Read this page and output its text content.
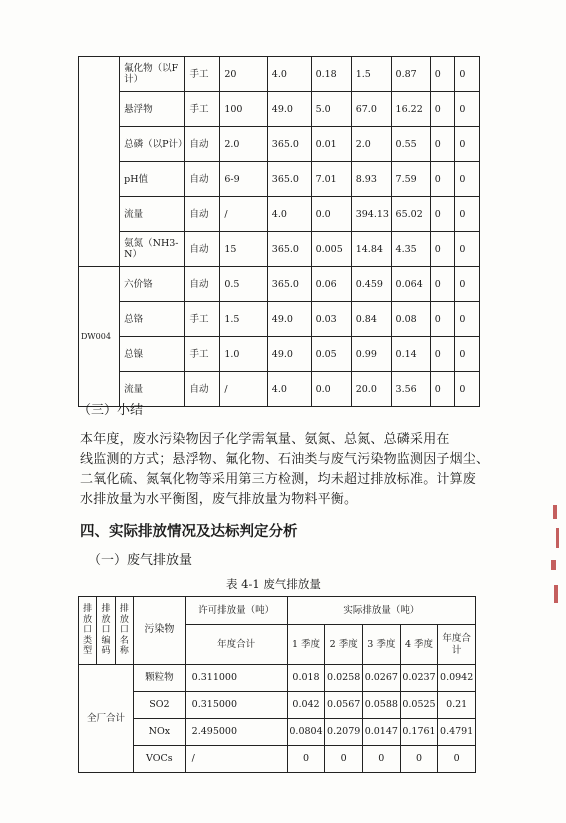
	氟化物（以F计）	手工	20	4.0	0.18	1.5	0.87	0	0
	悬浮物	手工	100	49.0	5.0	67.0	16.22	0	0
	总磷（以P计）	自动	2.0	365.0	0.01	2.0	0.55	0	0
	pH值	自动	6-9	365.0	7.01	8.93	7.59	0	0
	流量	自动	/	4.0	0.0	394.13	65.02	0	0
	氨氮（NH3-N）	自动	15	365.0	0.005	14.84	4.35	0	0
DW004	六价铬	自动	0.5	365.0	0.06	0.459	0.064	0	0
	总铬	手工	1.5	49.0	0.03	0.84	0.08	0	0
	总镍	手工	1.0	49.0	0.05	0.99	0.14	0	0
	流量	自动	/	4.0	0.0	20.0	3.56	0	0
（三）小结
本年度，废水污染物因子化学需氧量、氨氮、总氮、总磷采用在
线监测的方式；悬浮物、氟化物、石油类与废气污染物监测因子烟尘、
二氧化硫、氮氧化物等采用第三方检测，均未超过排放标准。计算废
水排放量为水平衡图，废气排放量为物料平衡。
四、实际排放情况及达标判定分析
（一）废气排放量
表 4-1 废气排放量
排放口类型	排放口编码	排放口名称	污染物	许可排放量（吨）	实际排放量（吨）				
				年度合计	1 季度	2 季度	3 季度	4 季度	年度合计
全厂合计			颗粒物	0.311000	0.018	0.0258	0.0267	0.0237	0.0942
			SO2	0.315000	0.042	0.0567	0.0588	0.0525	0.21
			NOx	2.495000	0.0804	0.2079	0.0147	0.1761	0.4791
			VOCs	/	0	0	0	0	0
